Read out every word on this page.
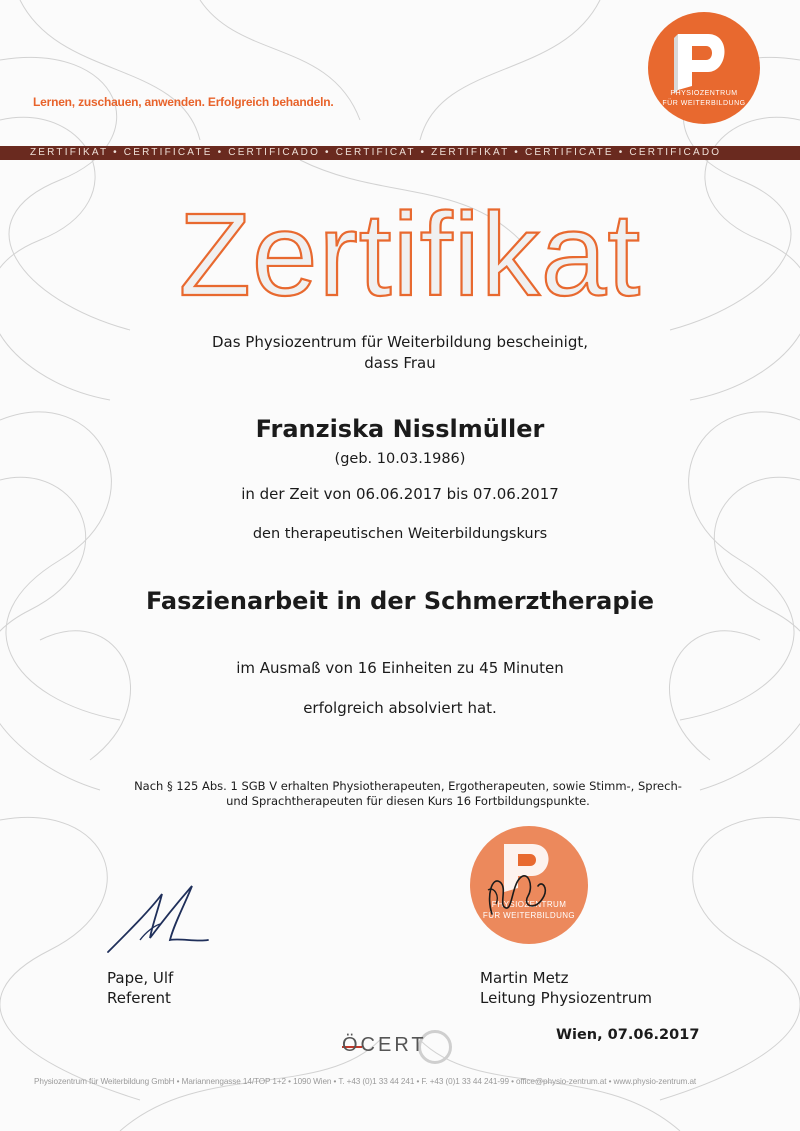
Lernen, zuschauen, anwenden. Erfolgreich behandeln.
PHYSIOZENTRUM
FÜR WEITERBILDUNG
ZERTIFIKAT • CERTIFICATE • CERTIFICADO • CERTIFICAT • ZERTIFIKAT • CERTIFICATE • CERTIFICADO
Zertifikat
Das Physiozentrum für Weiterbildung bescheinigt,
dass Frau
Franziska Nisslmüller
(geb. 10.03.1986)
in der Zeit von 06.06.2017 bis 07.06.2017
den therapeutischen Weiterbildungskurs
Faszienarbeit in der Schmerztherapie
im Ausmaß von 16 Einheiten zu 45 Minuten
erfolgreich absolviert hat.
Nach § 125 Abs. 1 SGB V erhalten Physiotherapeuten, Ergotherapeuten, sowie Stimm-, Sprech-
und Sprachtherapeuten für diesen Kurs 16 Fortbildungspunkte.
PHYSIOZENTRUM
FÜR WEITERBILDUNG
Pape, Ulf
Referent
Martin Metz
Leitung Physiozentrum
Wien, 07.06.2017
ÖCERT
Physiozentrum für Weiterbildung GmbH • Mariannengasse 14/TOP 1+2 • 1090 Wien • T. +43 (0)1 33 44 241 • F. +43 (0)1 33 44 241-99 • office@physio-zentrum.at • www.physio-zentrum.at
